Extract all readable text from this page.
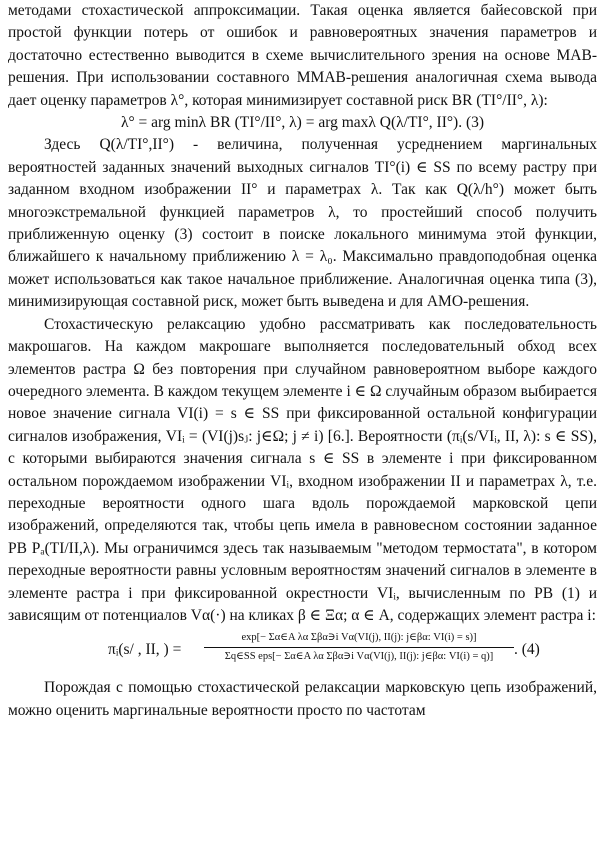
методами стохастической аппроксимации. Такая оценка является байесовской при простой функции потерь от ошибок и равновероятных значения параметров и достаточно естественно выводится в схеме вычислительного зрения на основе МАВ-решения. При использовании составного ММАВ-решения аналогичная схема вывода дает оценку параметров λ°, которая минимизирует составной риск BR (TI°/II°, λ):

λ° = arg minλ BR (TI°/II°, λ) = arg maxλ Q(λ/TI°, II°). (3)

Здесь Q(λ/TI°,II°) - величина, полученная усреднением маргинальных вероятностей заданных значений выходных сигналов TI°(i) ∈ SS по всему растру при заданном входном изображении II° и параметрах λ. Так как Q(λ/h°) может быть многоэкстремальной функцией параметров λ, то простейший способ получить приближенную оценку (3) состоит в поиске локального минимума этой функции, ближайшего к начальному приближению λ = λ₀. Максимально правдоподобная оценка может использоваться как такое начальное приближение. Аналогичная оценка типа (3), минимизирующая составной риск, может быть выведена и для АМО-решения.

Стохастическую релаксацию удобно рассматривать как последовательность макрошагов. На каждом макрошаге выполняется последовательный обход всех элементов растра Ω без повторения при случайном равновероятном выборе каждого очередного элемента. В каждом текущем элементе i ∈ Ω случайным образом выбирается новое значение сигнала VI(i) = s ∈ SS при фиксированной остальной конфигурации сигналов изображения, VIᵢ = (VI(j)sⱼ: j∈Ω; j ≠ i) [6.]. Вероятности (πᵢ(s/VIᵢ, II, λ): s ∈ SS), с которыми выбираются значения сигнала s ∈ SS в элементе i при фиксированном остальном порождаемом изображении VIᵢ, входном изображении II и параметрах λ, т.е. переходные вероятности одного шага вдоль порождаемой марковской цепи изображений, определяются так, чтобы цепь имела в равновесном состоянии заданное РВ Pₐ(TI/II,λ). Мы ограничимся здесь так называемым "методом термостата", в котором переходные вероятности равны условным вероятностям значений сигналов в элементе в элементе растра i при фиксированной окрестности VIᵢ, вычисленным по РВ (1) и зависящим от потенциалов Vα(·) на кликах β ∈ Ξα; α ∈ A, содержащих элемент растра i:

πᵢ(s/ , II, ) =
exp[− Σα∈A λα Σβα∋i Vα(VI(j), II(j): j∈βα: VI(i) = s)]
Σq∈SS eps[− Σα∈A λα Σβα∋i Vα(VI(j), II(j): j∈βα: VI(i) = q)]	. (4)

Порождая с помощью стохастической релаксации марковскую цепь изображений, можно оценить маргинальные вероятности просто по частотам
